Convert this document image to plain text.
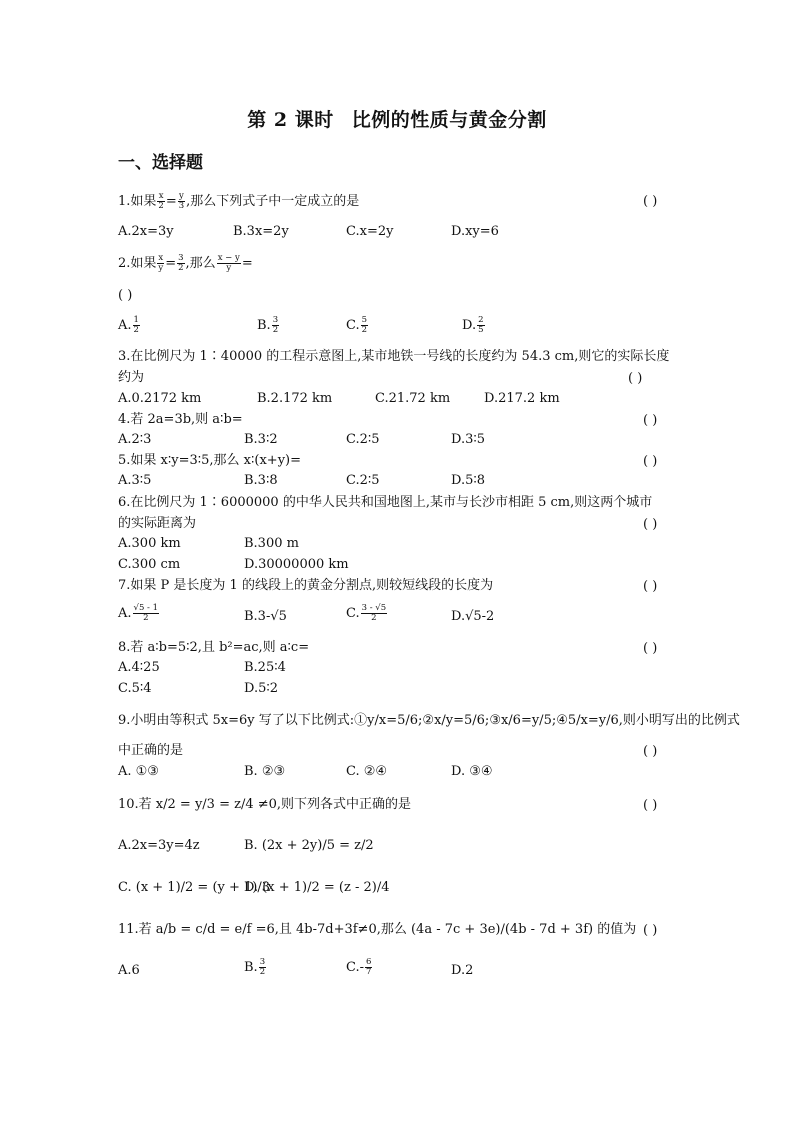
第 2 课时 比例的性质与黄金分割
一、选择题
1.如果 $\frac{x}{2} = \frac{y}{3}$ ,那么下列式子中一定成立的是	( )
A.2x=3y	B.3x=2y	C.x=2y	D.xy=6
2.如果 $\frac{x}{y} = \frac{3}{2}$ ,那么 $\frac{x - y}{y}$ =
( )
A. $\frac{1}{2}$	B. $\frac{3}{2}$	C. $\frac{5}{2}$	D. $\frac{2}{5}$
3.在比例尺为 1∶40000 的工程示意图上,某市地铁一号线的长度约为 54.3 cm,则它的实际长度
约为	( )
A.0.2172 km	B.2.172 km	C.21.72 km	D.217.2 km
4.若 2a=3b,则 a∶b=	( )
A.2∶3	B.3∶2	C.2∶5	D.3∶5
5.如果 x∶y=3∶5,那么 x∶(x+y)=	( )
A.3∶5	B.3∶8	C.2∶5	D.5∶8
6.在比例尺为 1∶6000000 的中华人民共和国地图上,某市与长沙市相距 5 cm,则这两个城市
的实际距离为	( )
A.300 km	B.300 m
C.300 cm	D.30000000 km
7.如果 P 是长度为 1 的线段上的黄金分割点,则较短线段的长度为	( )
A. $\frac{√5 - 1}{2}$	B.3-√5	C. $\frac{3 - √5}{2}$	D.√5-2
8.若 a∶b=5∶2,且 b²=ac,则 a∶c=	( )
A.4∶25	B.25∶4
C.5∶4	D.5∶2
9.小明由等积式 5x=6y 写了以下比例式:①y/x=5/6;②x/y=5/6;③x/6=y/5;④5/x=y/6,则小明写出的比例式
中正确的是	( )
A. ①③	B. ②③	C. ②④	D. ③④
10.若 x/2 = y/3 = z/4 ≠0,则下列各式中正确的是	( )
A.2x=3y=4z	B. (2x + 2y)/5 = z/2
C. (x + 1)/2 = (y + 1)/3
D. (x + 1)/2 = (z - 2)/4
11.若 a/b = c/d = e/f =6,且 4b-7d+3f≠0,那么 (4a - 7c + 3e)/(4b - 7d + 3f) 的值为 ( )
A.6	B. $\frac{3}{2}$	$C.- \frac{6}{7}$	D.2
